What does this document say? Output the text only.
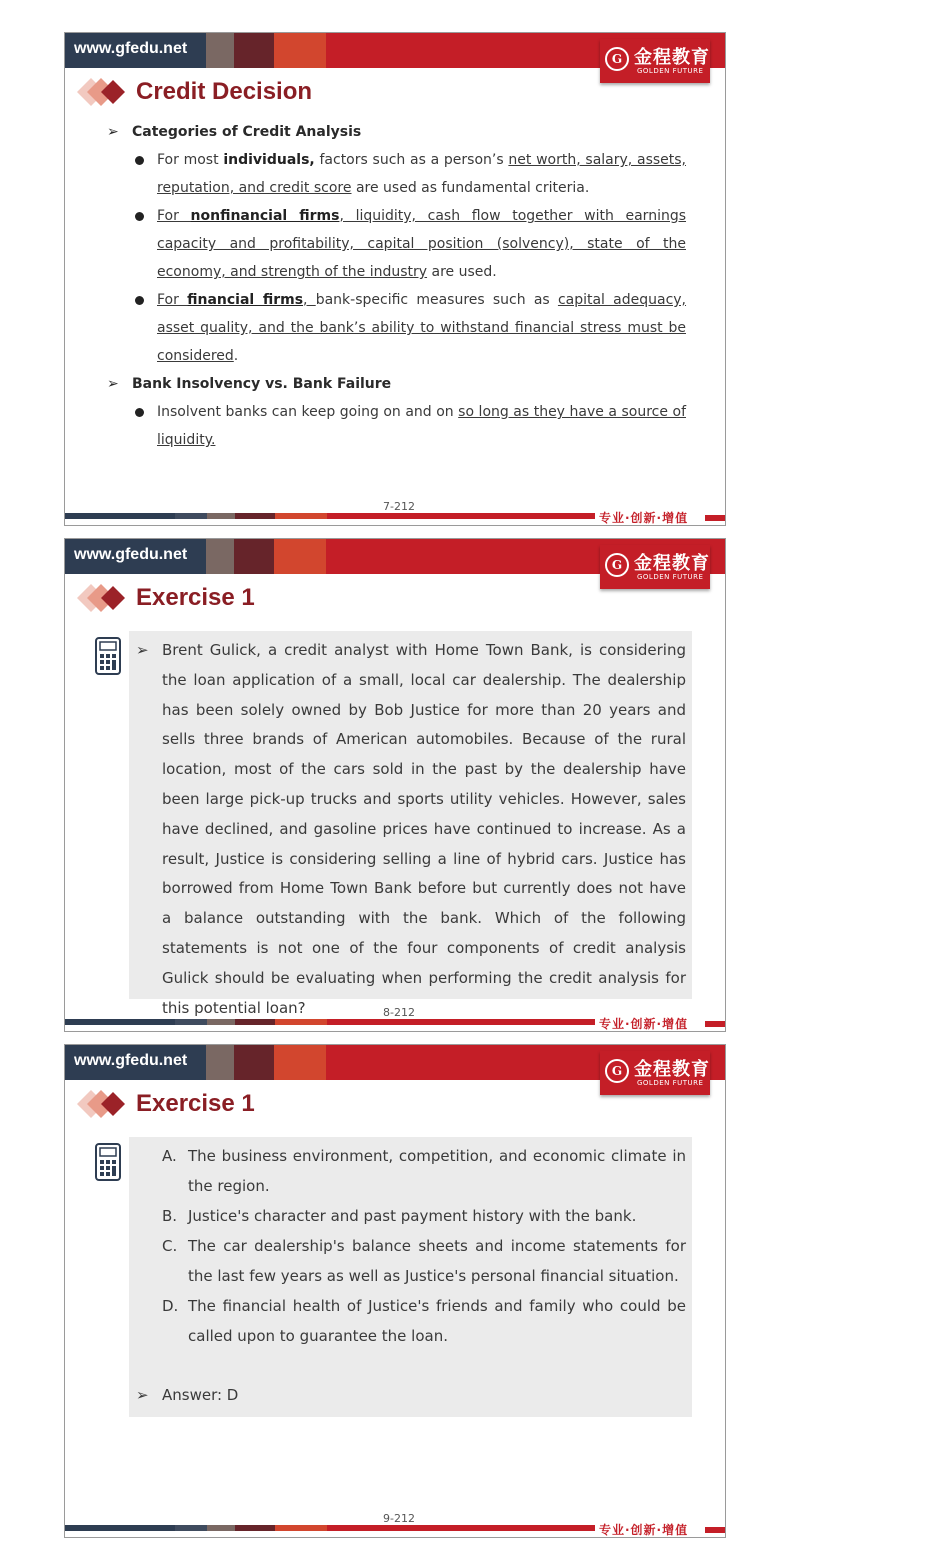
www.gfedu.net
G 金程教育
GOLDEN FUTURE
Credit Decision

➢ Categories of Credit Analysis

For most individuals, factors such as a person’s net worth, salary, assets, reputation, and credit score are used as fundamental criteria.

For nonfinancial firms, liquidity, cash flow together with earnings capacity and profitability, capital position (solvency), state of the economy, and strength of the industry are used.

For financial firms, bank-specific measures such as capital adequacy, asset quality, and the bank’s ability to withstand financial stress must be considered.

➢ Bank Insolvency vs. Bank Failure

Insolvent banks can keep going on and on so long as they have a source of liquidity.

7-212
专业·创新·增值
www.gfedu.net
G 金程教育
GOLDEN FUTURE
Exercise 1

➢ Brent Gulick, a credit analyst with Home Town Bank, is considering the loan application of a small, local car dealership. The dealership has been solely owned by Bob Justice for more than 20 years and sells three brands of American automobiles. Because of the rural location, most of the cars sold in the past by the dealership have been large pick-up trucks and sports utility vehicles. However, sales have declined, and gasoline prices have continued to increase. As a result, Justice is considering selling a line of hybrid cars. Justice has borrowed from Home Town Bank before but currently does not have a balance outstanding with the bank. Which of the following statements is not one of the four components of credit analysis Gulick should be evaluating when performing the credit analysis for this potential loan?	8-212
专业·创新·增值
www.gfedu.net
G 金程教育
GOLDEN FUTURE
Exercise 1

A. The business environment, competition, and economic climate in the region.

B. Justice's character and past payment history with the bank.

C. The car dealership's balance sheets and income statements for the last few years as well as Justice's personal financial situation.

D. The financial health of Justice's friends and family who could be called upon to guarantee the loan.

➢ Answer: D

9-212
专业·创新·增值
